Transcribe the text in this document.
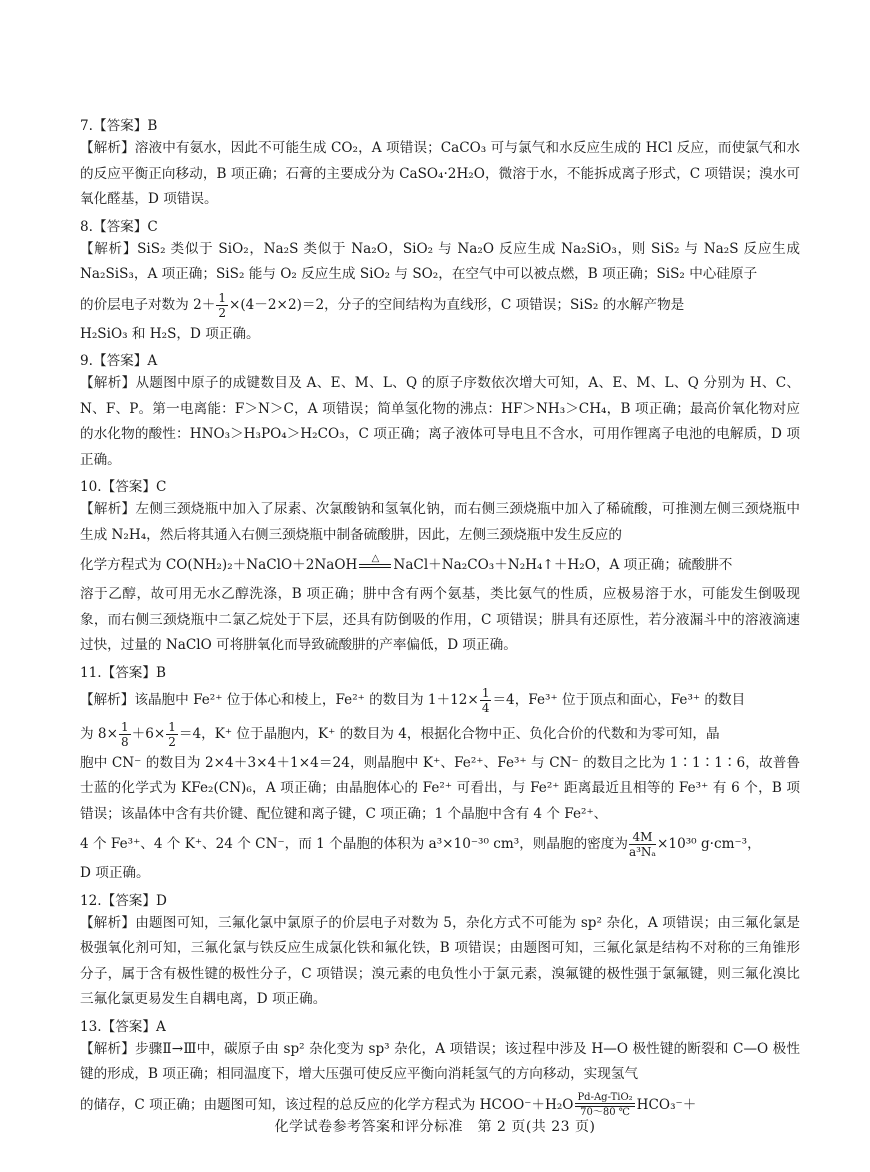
7.【答案】B

【解析】溶液中有氨水，因此不可能生成 CO₂，A 项错误；CaCO₃ 可与氯气和水反应生成的 HCl 反应，而使氯气和水的反应平衡正向移动，B 项正确；石膏的主要成分为 CaSO₄·2H₂O，微溶于水，不能拆成离子形式，C 项错误；溴水可氧化醛基，D 项错误。

8.【答案】C

【解析】SiS₂ 类似于 SiO₂，Na₂S 类似于 Na₂O，SiO₂ 与 Na₂O 反应生成 Na₂SiO₃，则 SiS₂ 与 Na₂S 反应生成 Na₂SiS₃，A 项正确；SiS₂ 能与 O₂ 反应生成 SiO₂ 与 SO₂，在空气中可以被点燃，B 项正确；SiS₂ 中心硅原子

的价层电子对数为 $2+ \frac{1}{2} \times(4-2\times 2)=2$，分子的空间结构为直线形，C 项错误；SiS₂ 的水解产物是

H₂SiO₃ 和 H₂S，D 项正确。

9.【答案】A

【解析】从题图中原子的成键数目及 A、E、M、L、Q 的原子序数依次增大可知，A、E、M、L、Q 分别为 H、C、N、F、P。第一电离能：F＞N＞C，A 项错误；简单氢化物的沸点：HF＞NH₃＞CH₄，B 项正确；最高价氧化物对应的水化物的酸性：HNO₃＞H₃PO₄＞H₂CO₃，C 项正确；离子液体可导电且不含水，可用作锂离子电池的电解质，D 项正确。

10.【答案】C

【解析】左侧三颈烧瓶中加入了尿素、次氯酸钠和氢氧化钠，而右侧三颈烧瓶中加入了稀硫酸，可推测左侧三颈烧瓶中生成 N₂H₄，然后将其通入右侧三颈烧瓶中制备硫酸肼，因此，左侧三颈烧瓶中发生反应的

化学方程式为 CO(NH₂)₂＋NaClO＋2NaOH	△
	NaCl＋Na₂CO₃＋N₂H₄↑＋H₂O，A 项正确；硫酸肼不

溶于乙醇，故可用无水乙醇洗涤，B 项正确；肼中含有两个氨基，类比氨气的性质，应极易溶于水，可能发生倒吸现象，而右侧三颈烧瓶中二氯乙烷处于下层，还具有防倒吸的作用，C 项错误；肼具有还原性，若分液漏斗中的溶液滴速过快，过量的 NaClO 可将肼氧化而导致硫酸肼的产率偏低，D 项正确。

11.【答案】B

【解析】该晶胞中 Fe²⁺ 位于体心和棱上，Fe²⁺ 的数目为 $1+12\times \frac{1}{4} =4$，Fe³⁺ 位于顶点和面心，Fe³⁺ 的数目

为 $8\times \frac{1}{8} +6\times \frac{1}{2} =4$，K⁺ 位于晶胞内，K⁺ 的数目为 4，根据化合物中正、负化合价的代数和为零可知，晶

胞中 CN⁻ 的数目为 2×4＋3×4＋1×4＝24，则晶胞中 K⁺、Fe²⁺、Fe³⁺ 与 CN⁻ 的数目之比为 1∶1∶1∶6，故普鲁士蓝的化学式为 KFe₂(CN)₆，A 项正确；由晶胞体心的 Fe²⁺ 可看出，与 Fe²⁺ 距离最近且相等的 Fe³⁺ 有 6 个，B 项错误；该晶体中含有共价键、配位键和离子键，C 项正确；1 个晶胞中含有 4 个 Fe²⁺、

4 个 Fe³⁺、4 个 K⁺、24 个 CN⁻，而 1 个晶胞的体积为 a³×10⁻³⁰ cm³，则晶胞的密度为 $\frac{4M}{\text{a³Nₐ}} \times 10^{30}$ g·cm⁻³，

D 项正确。

12.【答案】D

【解析】由题图可知，三氟化氯中氯原子的价层电子对数为 5，杂化方式不可能为 sp² 杂化，A 项错误；由三氟化氯是极强氧化剂可知，三氟化氯与铁反应生成氯化铁和氟化铁，B 项错误；由题图可知，三氟化氯是结构不对称的三角锥形分子，属于含有极性键的极性分子，C 项错误；溴元素的电负性小于氯元素，溴氟键的极性强于氯氟键，则三氟化溴比三氟化氯更易发生自耦电离，D 项正确。

13.【答案】A

【解析】步骤Ⅱ→Ⅲ中，碳原子由 sp² 杂化变为 sp³ 杂化，A 项错误；该过程中涉及 H—O 极性键的断裂和 C—O 极性键的形成，B 项正确；相同温度下，增大压强可使反应平衡向消耗氢气的方向移动，实现氢气

的储存，C 项正确；由题图可知，该过程的总反应的化学方程式为 HCOO⁻＋H₂O Pd-Ag-TiO₂
70～80 ℃ HCO₃⁻＋

化学试卷参考答案和评分标准　第 2 页(共 23 页)
